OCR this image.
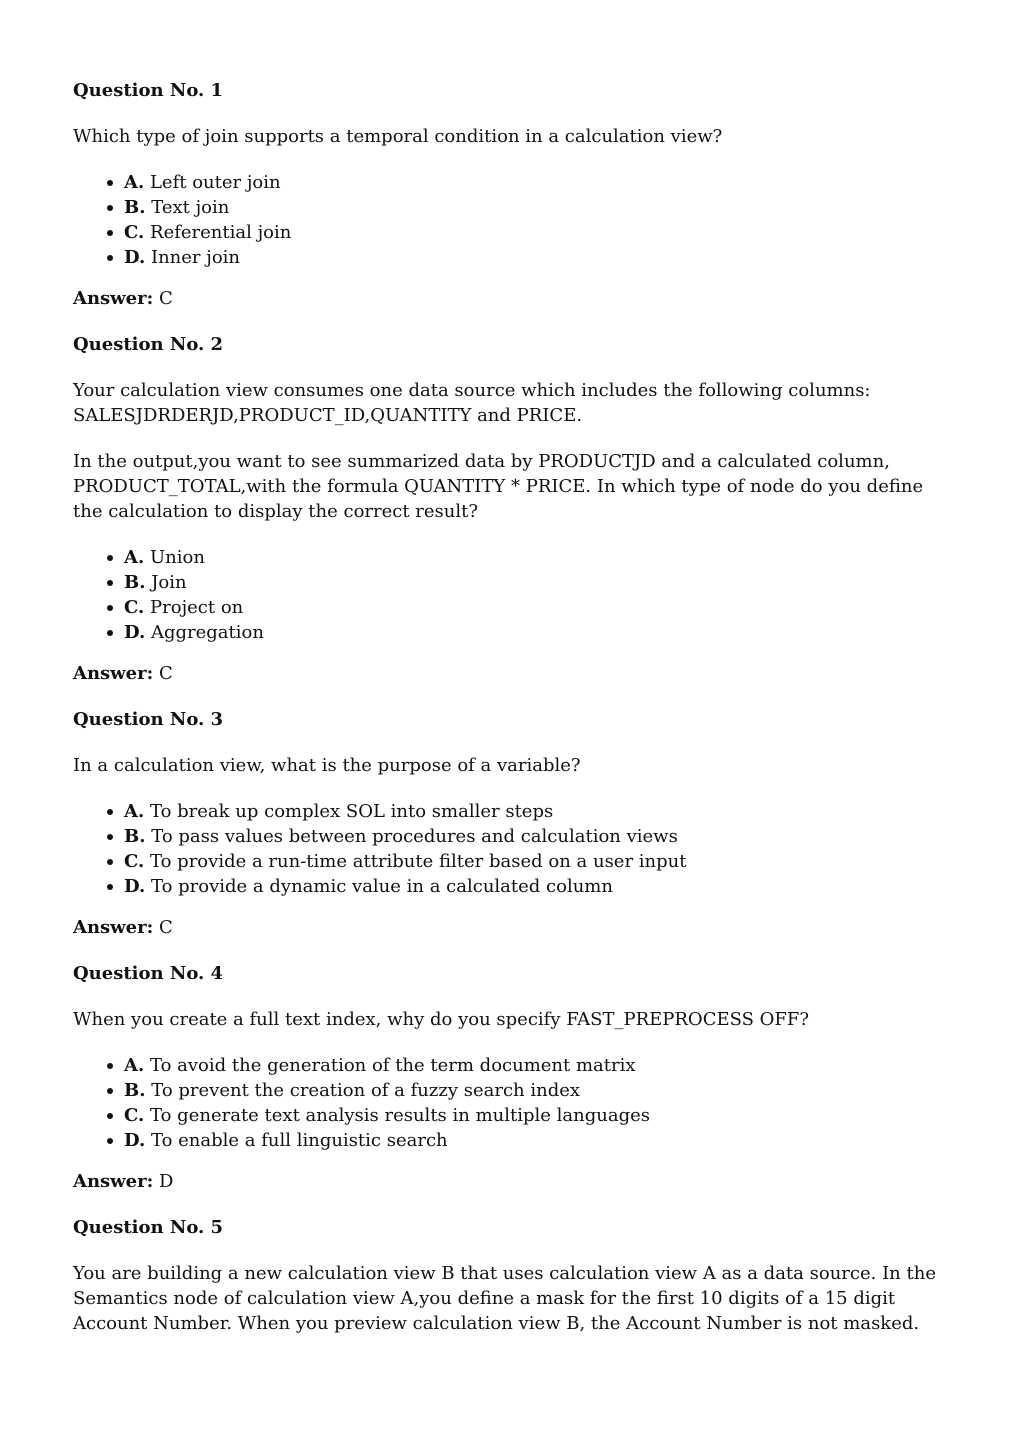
Question No. 1
Which type of join supports a temporal condition in a calculation view?
A. Left outer join
B. Text join
C. Referential join
D. Inner join
Answer: C
Question No. 2
Your calculation view consumes one data source which includes the following columns: SALESJDRDERJD,PRODUCT_ID,QUANTITY and PRICE.
In the output,you want to see summarized data by PRODUCTJD and a calculated column, PRODUCT_TOTAL,with the formula QUANTITY * PRICE. In which type of node do you define the calculation to display the correct result?
A. Union
B. Join
C. Project on
D. Aggregation
Answer: C
Question No. 3
In a calculation view, what is the purpose of a variable?
A. To break up complex SOL into smaller steps
B. To pass values between procedures and calculation views
C. To provide a run-time attribute filter based on a user input
D. To provide a dynamic value in a calculated column
Answer: C
Question No. 4
When you create a full text index, why do you specify FAST_PREPROCESS OFF?
A. To avoid the generation of the term document matrix
B. To prevent the creation of a fuzzy search index
C. To generate text analysis results in multiple languages
D. To enable a full linguistic search
Answer: D
Question No. 5
You are building a new calculation view B that uses calculation view A as a data source. In the Semantics node of calculation view A,you define a mask for the first 10 digits of a 15 digit Account Number. When you preview calculation view B, the Account Number is not masked.
